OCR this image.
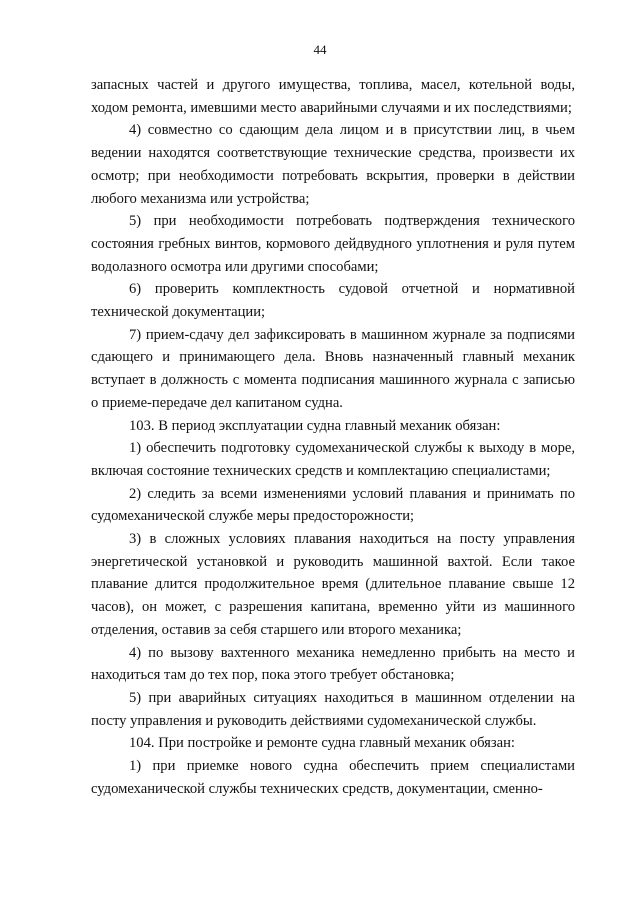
44

запасных частей и другого имущества, топлива, масел, котельной воды, ходом ремонта, имевшими место аварийными случаями и их последствиями;

4) совместно со сдающим дела лицом и в присутствии лиц, в чьем ведении находятся соответствующие технические средства, произвести их осмотр; при необходимости потребовать вскрытия, проверки в действии любого механизма или устройства;

5) при необходимости потребовать подтверждения технического состояния гребных винтов, кормового дейдвудного уплотнения и руля путем водолазного осмотра или другими способами;

6) проверить комплектность судовой отчетной и нормативной технической документации;

7) прием-сдачу дел зафиксировать в машинном журнале за подписями сдающего и принимающего дела. Вновь назначенный главный механик вступает в должность с момента подписания машинного журнала с записью о приеме-передаче дел капитаном судна.

103. В период эксплуатации судна главный механик обязан:

1) обеспечить подготовку судомеханической службы к выходу в море, включая состояние технических средств и комплектацию специалистами;

2) следить за всеми изменениями условий плавания и принимать по судомеханической службе меры предосторожности;

3) в сложных условиях плавания находиться на посту управления энергетической установкой и руководить машинной вахтой. Если такое плавание длится продолжительное время (длительное плавание свыше 12 часов), он может, с разрешения капитана, временно уйти из машинного отделения, оставив за себя старшего или второго механика;

4) по вызову вахтенного механика немедленно прибыть на место и находиться там до тех пор, пока этого требует обстановка;

5) при аварийных ситуациях находиться в машинном отделении на посту управления и руководить действиями судомеханической службы.

104. При постройке и ремонте судна главный механик обязан:

1) при приемке нового судна обеспечить прием специалистами судомеханической службы технических средств, документации, сменно-
